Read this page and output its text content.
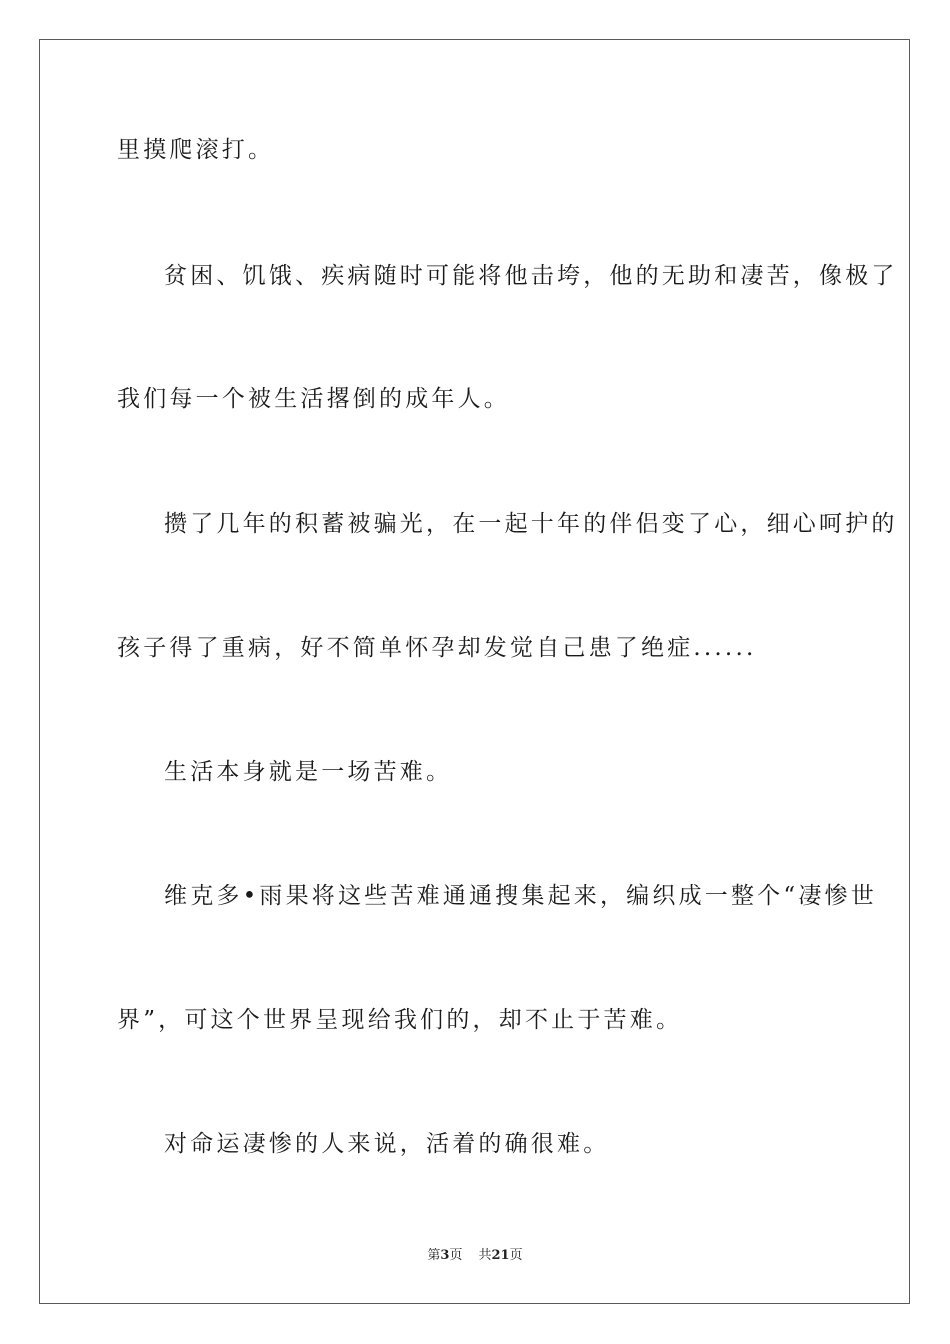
里摸爬滚打。
贫困、饥饿、疾病随时可能将他击垮，他的无助和凄苦，像极了
我们每一个被生活撂倒的成年人。
攒了几年的积蓄被骗光，在一起十年的伴侣变了心，细心呵护的
孩子得了重病，好不简单怀孕却发觉自己患了绝症......
生活本身就是一场苦难。
维克多•雨果将这些苦难通通搜集起来，编织成一整个“凄惨世
界”，可这个世界呈现给我们的，却不止于苦难。
对命运凄惨的人来说，活着的确很难。
第3页 共21页
